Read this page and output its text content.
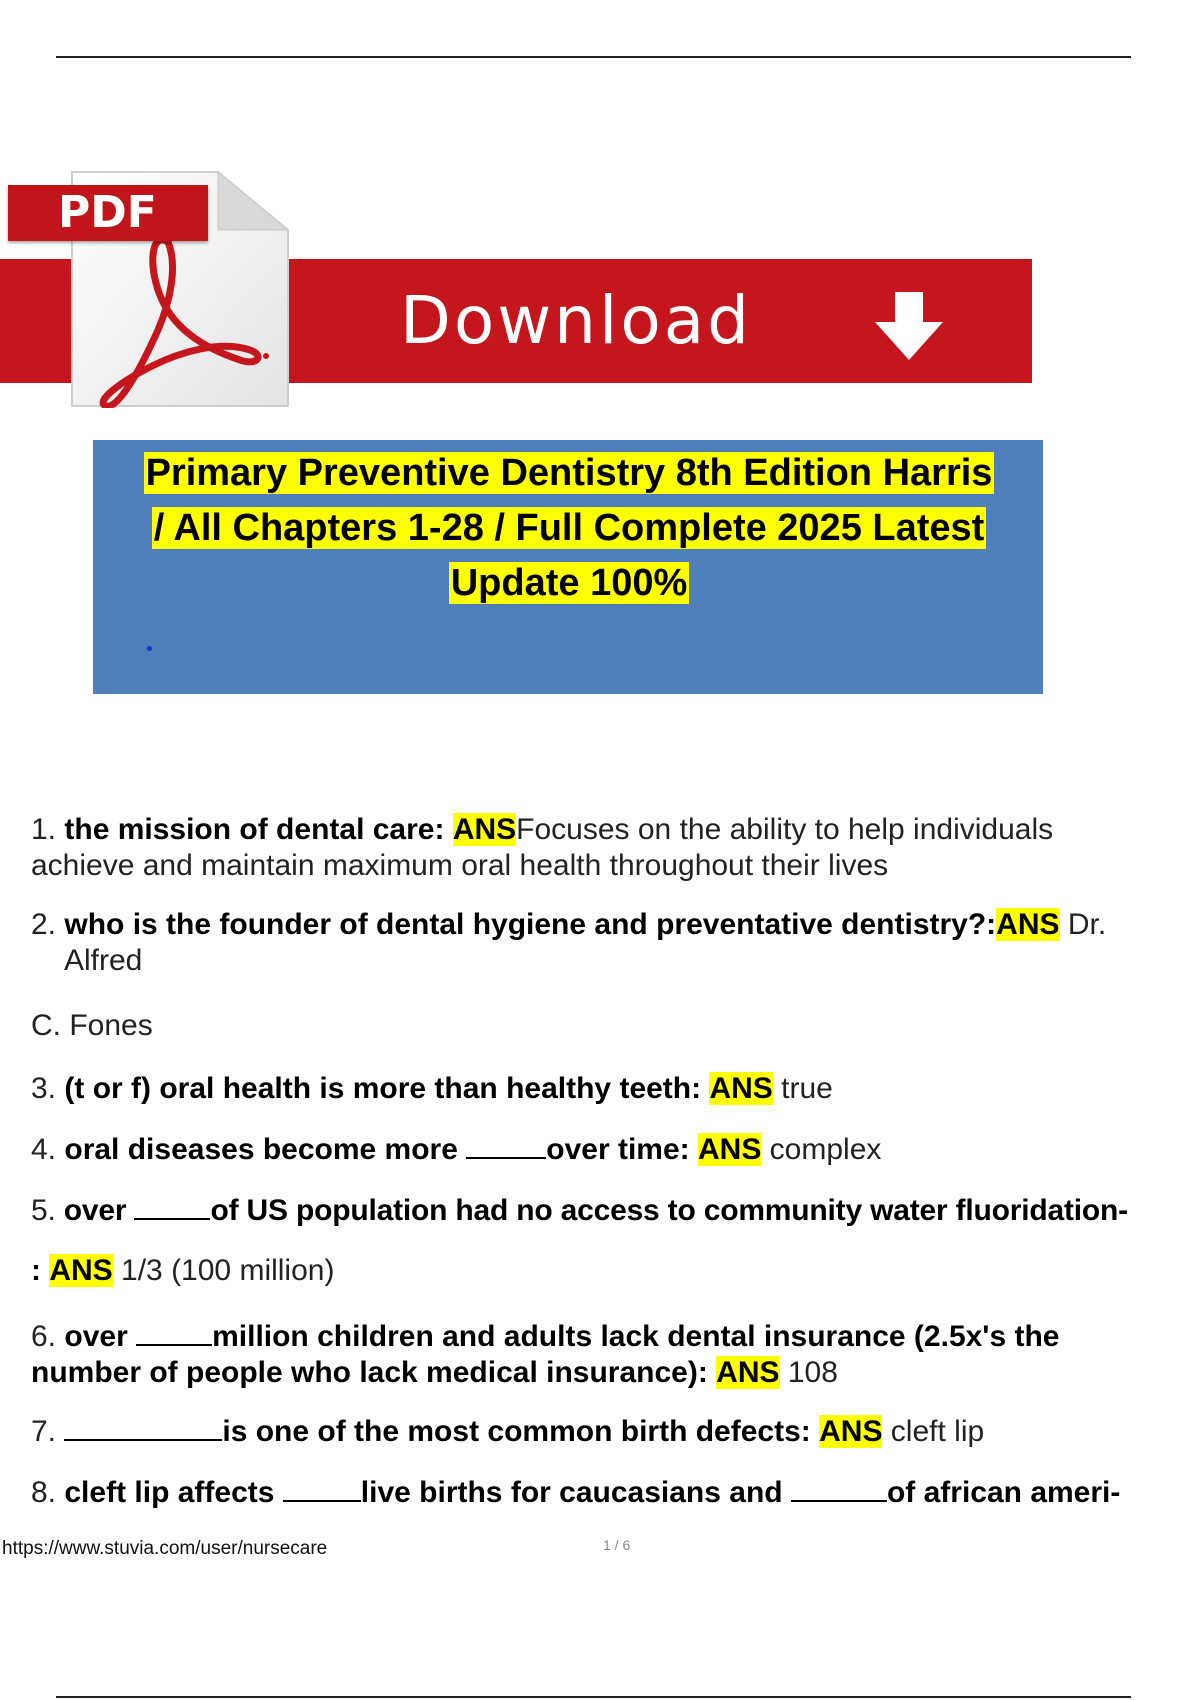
Download
PDF
Primary Preventive Dentistry 8th Edition Harris
/ All Chapters 1-28 / Full Complete 2025 Latest
Update 100%
1. the mission of dental care: ANSFocuses on the ability to help individuals
achieve and maintain maximum oral health throughout their lives
2. who is the founder of dental hygiene and preventative dentistry?:ANS Dr.
Alfred
C. Fones
3. (t or f) oral health is more than healthy teeth: ANS true
4. oral diseases become more	over time: ANS complex
5. over	of US population had no access to community water fluoridation-
: ANS 1/3 (100 million)
6. over	million children and adults lack dental insurance (2.5x's the
number of people who lack medical insurance): ANS 108
7.	is one of the most common birth defects: ANS cleft lip
8. cleft lip affects	live births for caucasians and	of african ameri-
https://www.stuvia.com/user/nursecare	1 / 6
